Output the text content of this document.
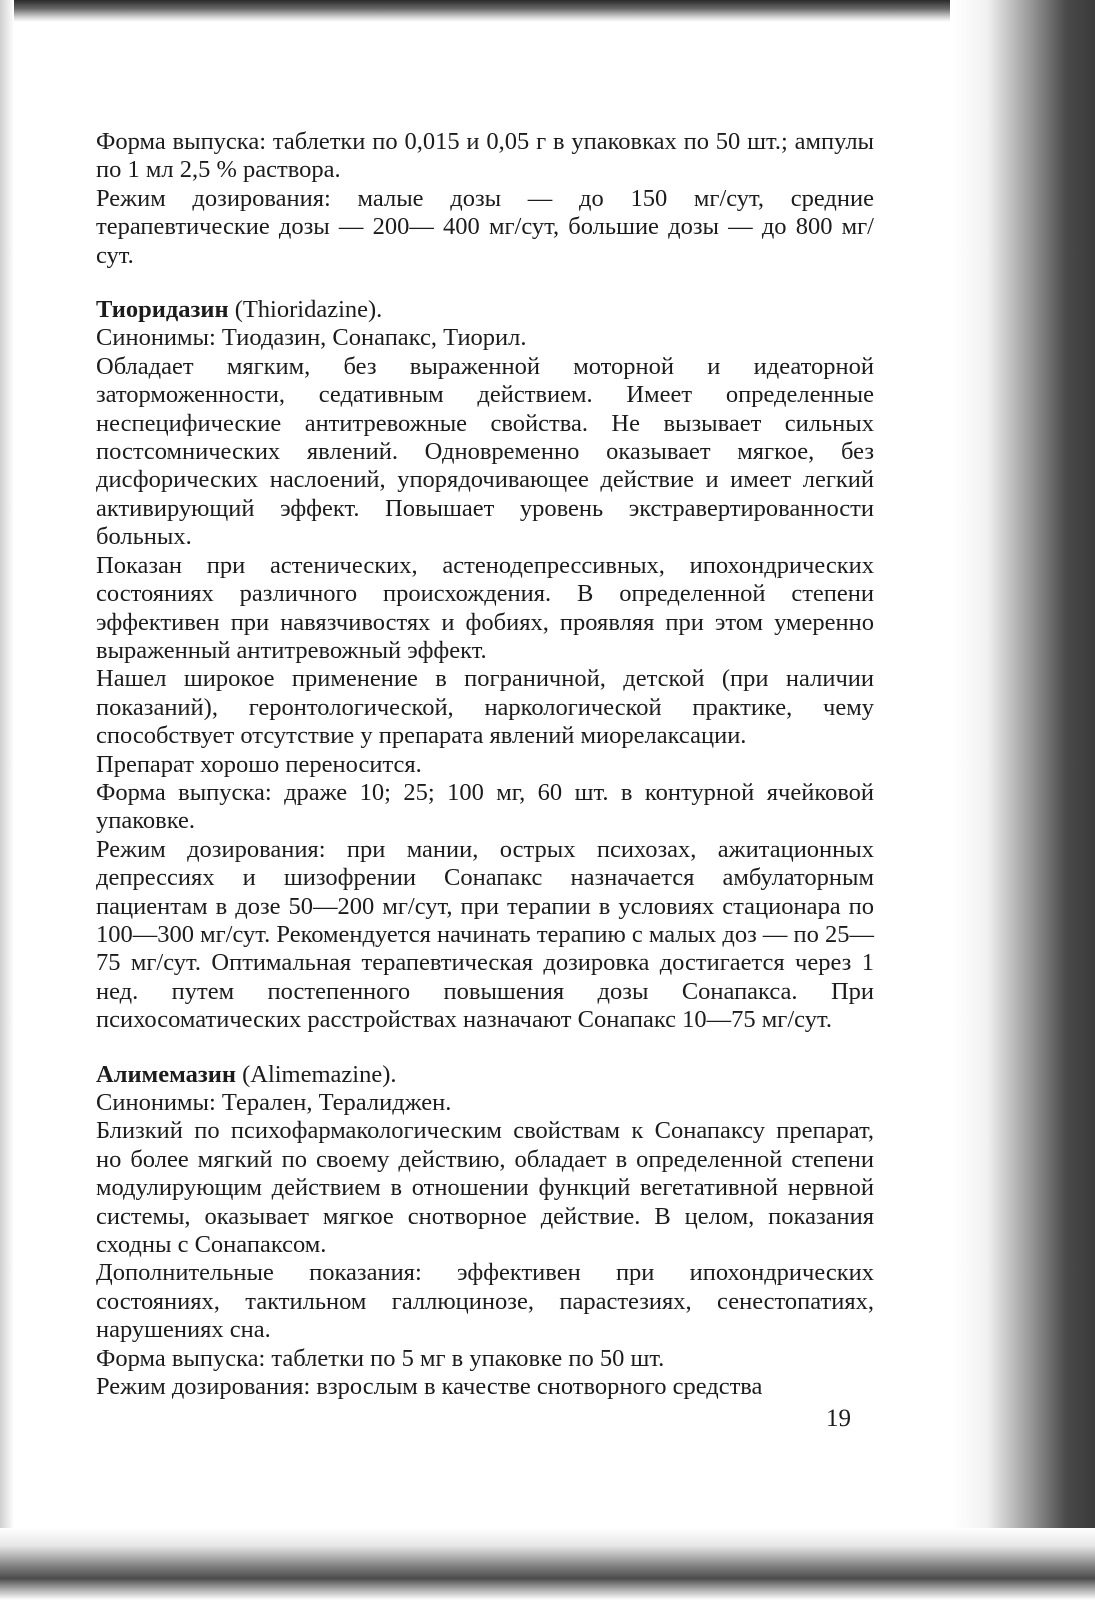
Форма выпуска: таблетки по 0,015 и 0,05 г в упаковках по 50 шт.; ампулы по 1 мл 2,5 % раствора.

Режим дозирования: малые дозы — до 150 мг/сут, средние терапевтические дозы — 200— 400 мг/сут, большие дозы — до 800 мг/сут.

Тиоридазин (Thioridazine).

Синонимы: Тиодазин, Сонапакс, Тиорил.

Обладает мягким, без выраженной моторной и идеаторной заторможенности, седативным действием. Имеет определенные неспецифические антитревожные свойства. Не вызывает сильных постсомнических явлений. Одновременно оказывает мягкое, без дисфорических наслоений, упорядочивающее действие и имеет легкий активирующий эффект. Повышает уровень экстравертированности больных.

Показан при астенических, астенодепрессивных, ипохондрических состояниях различного происхождения. В определенной степени эффективен при навязчивостях и фобиях, проявляя при этом умеренно выраженный антитревожный эффект.

Нашел широкое применение в пограничной, детской (при наличии показаний), геронтологической, наркологической практике, чему способствует отсутствие у препарата явлений миорелаксации.

Препарат хорошо переносится.

Форма выпуска: драже 10; 25; 100 мг, 60 шт. в контурной ячейковой упаковке.

Режим дозирования: при мании, острых психозах, ажитационных депрессиях и шизофрении Сонапакс назначается амбулаторным пациентам в дозе 50—200 мг/сут, при терапии в условиях стационара по 100—300 мг/сут. Рекомендуется начинать терапию с малых доз — по 25—75 мг/сут. Оптимальная терапевтическая дозировка достигается через 1 нед. путем постепенного повышения дозы Сонапакса. При психосоматических расстройствах назначают Сонапакс 10—75 мг/сут.

Алимемазин (Alimemazine).

Синонимы: Терален, Тералиджен.

Близкий по психофармакологическим свойствам к Сонапаксу препарат, но более мягкий по своему действию, обладает в определенной степени модулирующим действием в отношении функций вегетативной нервной системы, оказывает мягкое снотворное действие. В целом, показания сходны с Сонапаксом.

Дополнительные показания: эффективен при ипохондрических состояниях, тактильном галлюцинозе, парастезиях, сенестопатиях, нарушениях сна.

Форма выпуска: таблетки по 5 мг в упаковке по 50 шт.

Режим дозирования: взрослым в качестве снотворного средства

19
